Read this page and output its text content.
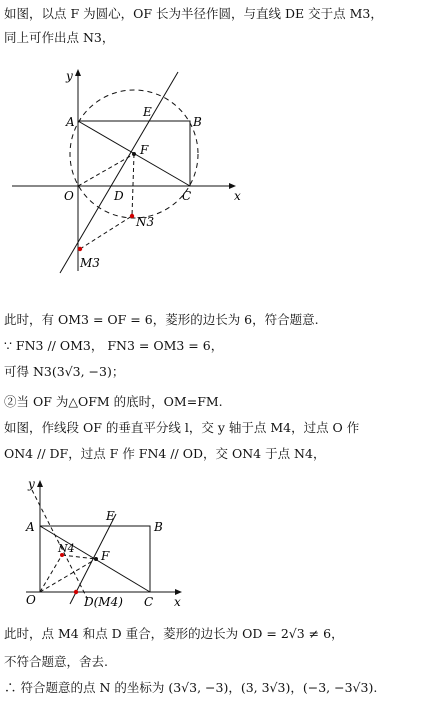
如图，以点 F 为圆心，OF 长为半径作圆，与直线 DE 交于点 M3，
同上可作出点 N3，
y
x
A
E
B
F
O	D	C
N3
M3
此时，有 OM3 = OF = 6，菱形的边长为 6，符合题意.
∵ FN3 // OM3， FN3 = OM3 = 6，
可得 N3(3√3, −3)；
②当 OF 为△OFM 的底时，OM=FM.
如图，作线段 OF 的垂直平分线 l，交 y 轴于点 M4，过点 O 作
ON4 // DF，过点 F 作 FN4 // OD，交 ON4 于点 N4，
y
x
A
E
B
N4
F
O	D(M4) C
此时，点 M4 和点 D 重合，菱形的边长为 OD = 2√3 ≠ 6，
不符合题意，舍去.
∴ 符合题意的点 N 的坐标为 (3√3, −3)，(3, 3√3)，(−3, −3√3).
